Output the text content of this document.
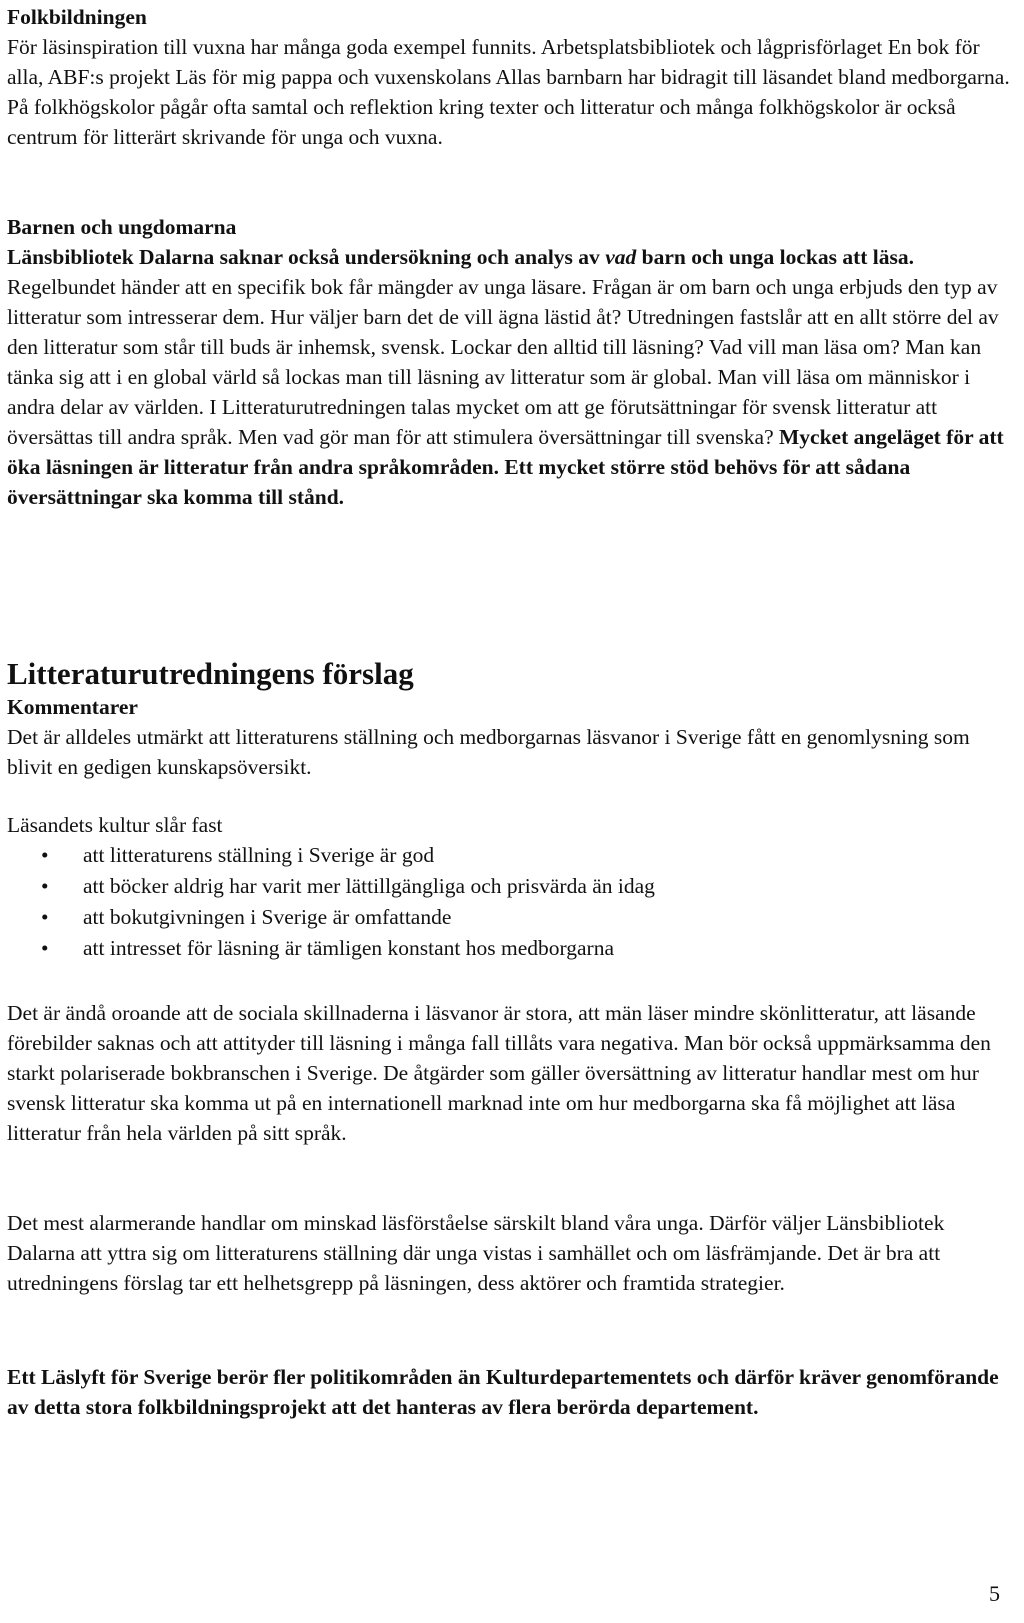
Folkbildningen

För läsinspiration till vuxna har många goda exempel funnits. Arbetsplatsbibliotek och lågprisförlaget En bok för alla, ABF:s projekt Läs för mig pappa och vuxenskolans Allas barnbarn har bidragit till läsandet bland medborgarna.

På folkhögskolor pågår ofta samtal och reflektion kring texter och litteratur och många folkhögskolor är också centrum för litterärt skrivande för unga och vuxna.

Barnen och ungdomarna

Länsbibliotek Dalarna saknar också undersökning och analys av vad barn och unga lockas att läsa. Regelbundet händer att en specifik bok får mängder av unga läsare. Frågan är om barn och unga erbjuds den typ av litteratur som intresserar dem. Hur väljer barn det de vill ägna lästid åt? Utredningen fastslår att en allt större del av den litteratur som står till buds är inhemsk, svensk. Lockar den alltid till läsning? Vad vill man läsa om? Man kan tänka sig att i en global värld så lockas man till läsning av litteratur som är global. Man vill läsa om människor i andra delar av världen. I Litteraturutredningen talas mycket om att ge förutsättningar för svensk litteratur att översättas till andra språk. Men vad gör man för att stimulera översättningar till svenska? Mycket angeläget för att öka läsningen är litteratur från andra språkområden. Ett mycket större stöd behövs för att sådana översättningar ska komma till stånd.

Litteraturutredningens förslag

Kommentarer

Det är alldeles utmärkt att litteraturens ställning och medborgarnas läsvanor i Sverige fått en genomlysning som blivit en gedigen kunskapsöversikt.

Läsandets kultur slår fast

• att litteraturens ställning i Sverige är god
• att böcker aldrig har varit mer lättillgängliga och prisvärda än idag
• att bokutgivningen i Sverige är omfattande
• att intresset för läsning är tämligen konstant hos medborgarna

Det är ändå oroande att de sociala skillnaderna i läsvanor är stora, att män läser mindre skönlitteratur, att läsande förebilder saknas och att attityder till läsning i många fall tillåts vara negativa. Man bör också uppmärksamma den starkt polariserade bokbranschen i Sverige. De åtgärder som gäller översättning av litteratur handlar mest om hur svensk litteratur ska komma ut på en internationell marknad inte om hur medborgarna ska få möjlighet att läsa litteratur från hela världen på sitt språk.

Det mest alarmerande handlar om minskad läsförståelse särskilt bland våra unga. Därför väljer Länsbibliotek Dalarna att yttra sig om litteraturens ställning där unga vistas i samhället och om läsfrämjande. Det är bra att utredningens förslag tar ett helhetsgrepp på läsningen, dess aktörer och framtida strategier.

Ett Läslyft för Sverige berör fler politikområden än Kulturdepartementets och därför kräver genomförande av detta stora folkbildningsprojekt att det hanteras av flera berörda departement.

5
